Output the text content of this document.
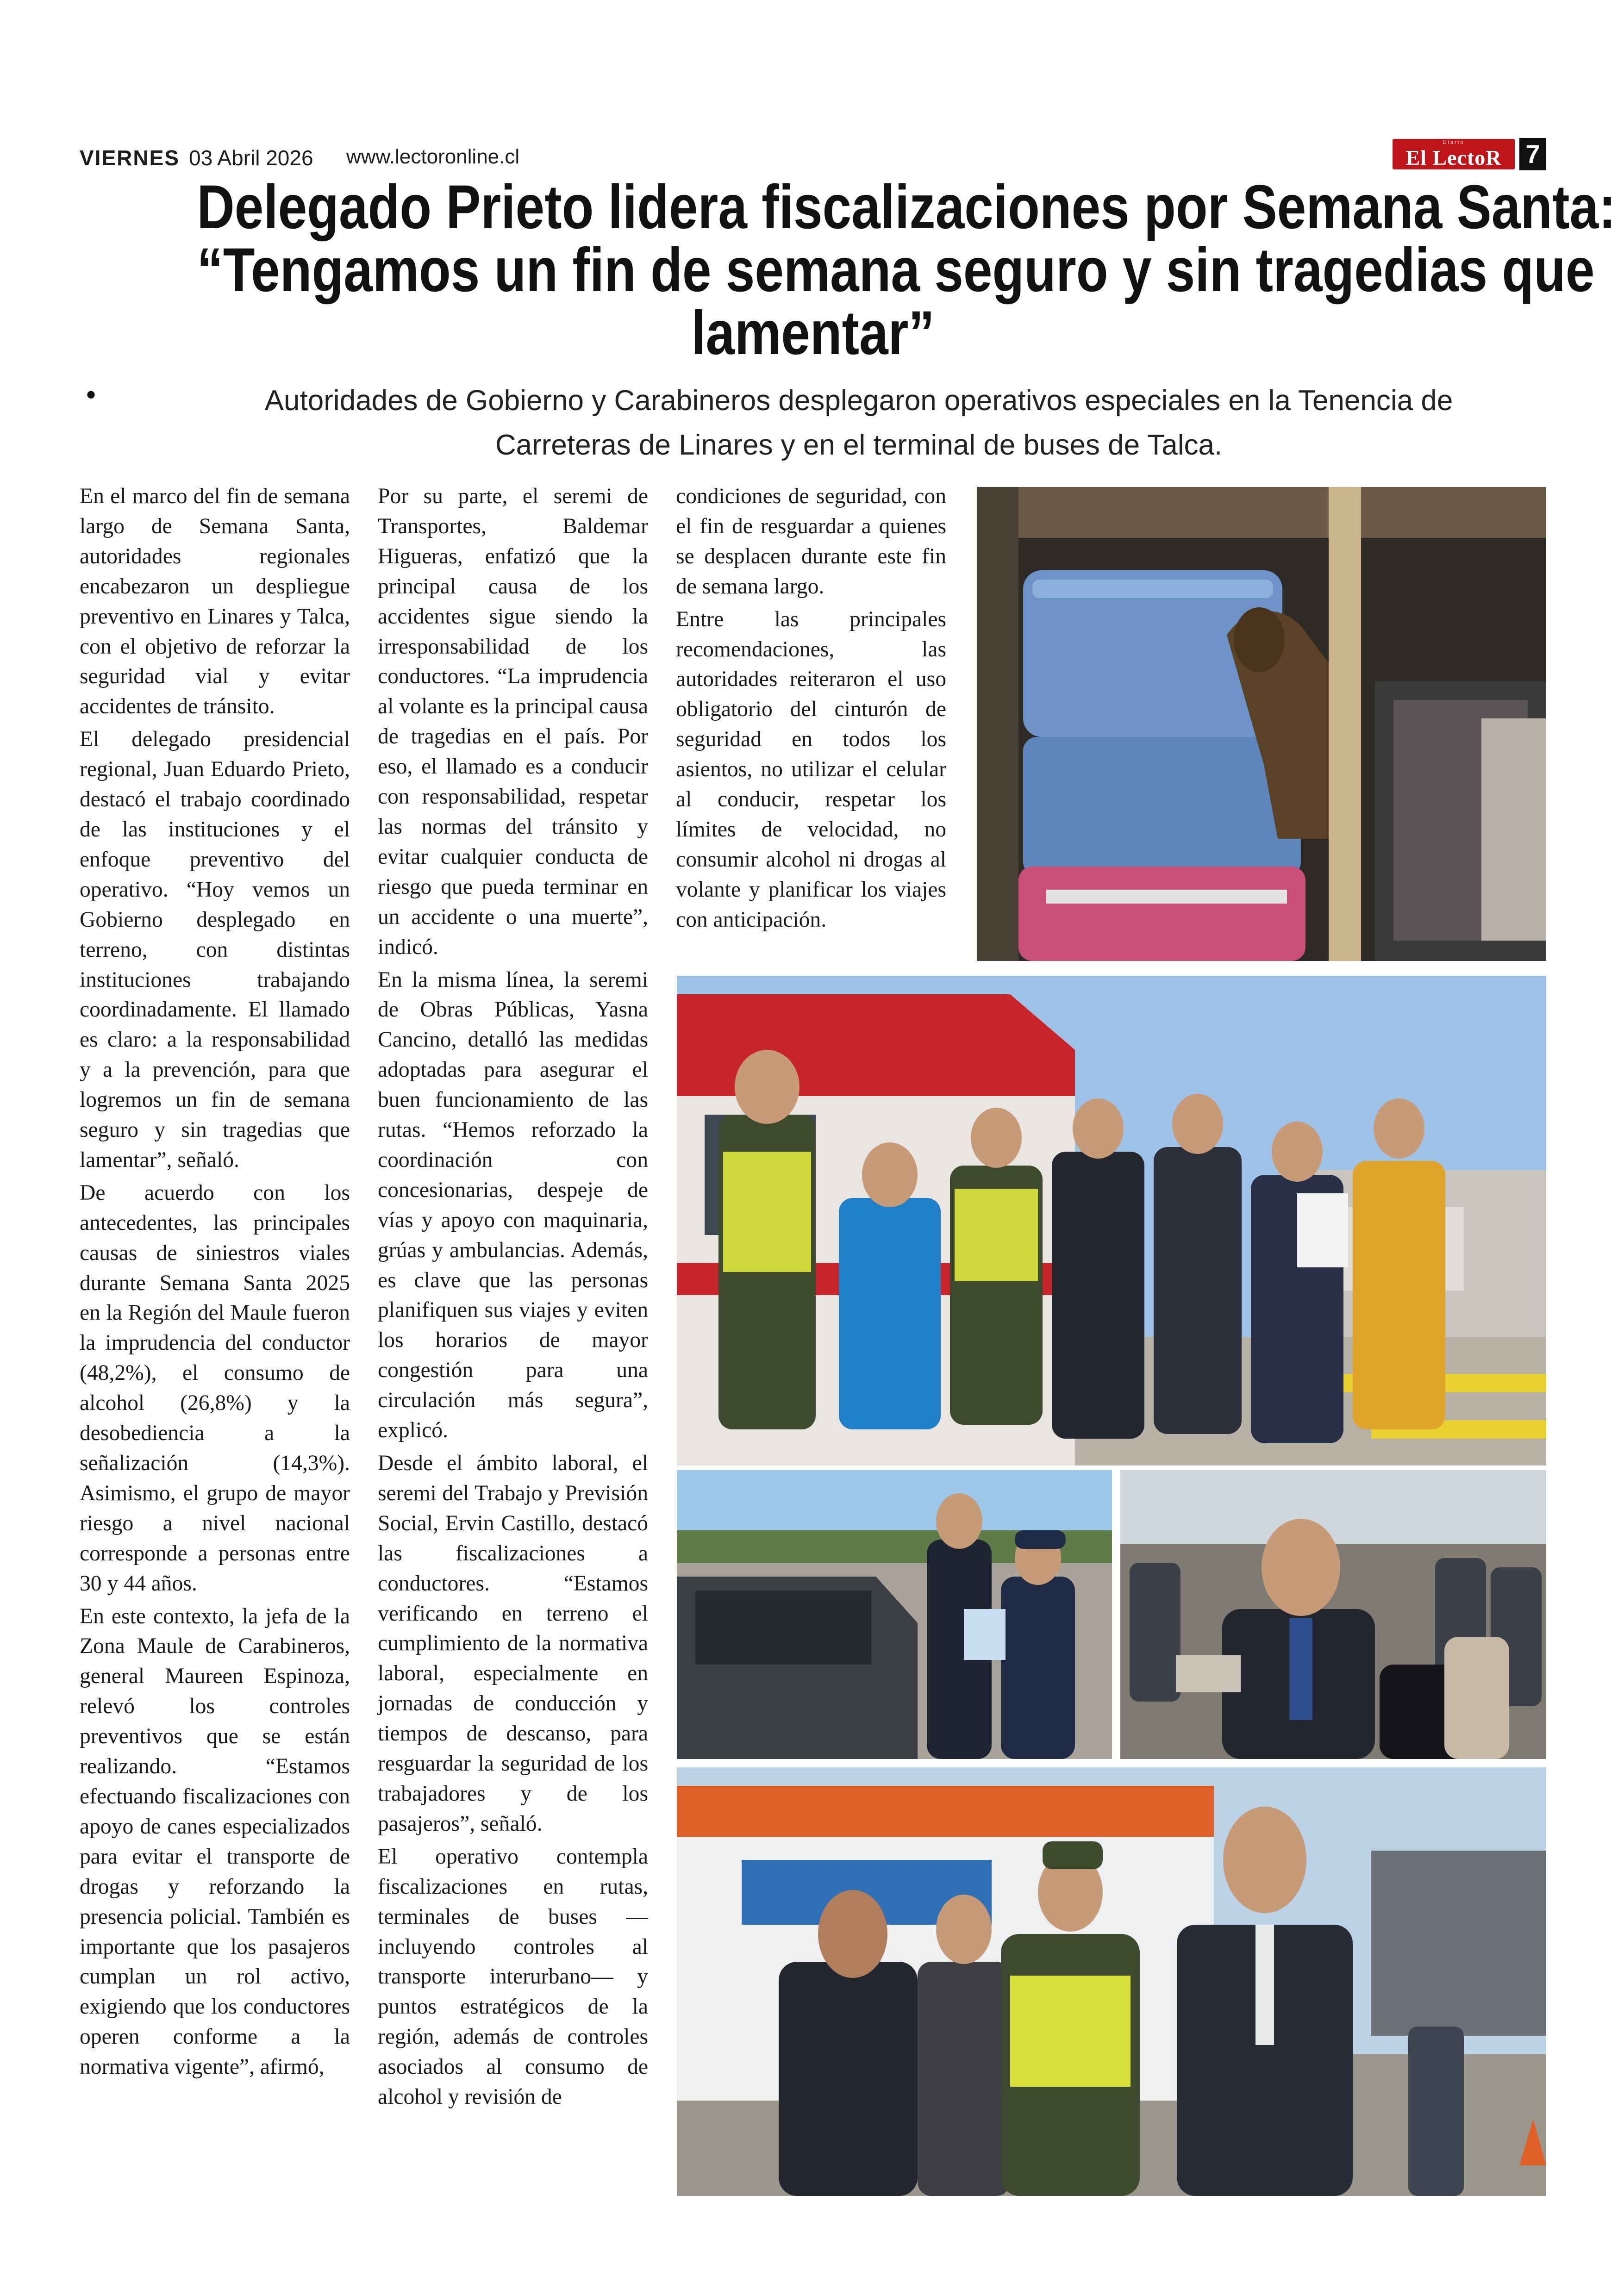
VIERNES 03 Abril 2026 www.lectoronline.cl
Diario
El LectoR 7
Delegado Prieto lidera fiscalizaciones por Semana Santa:
“Tengamos un fin de semana seguro y sin tragedias que
lamentar”
•	Autoridades de Gobierno y Carabineros desplegaron operativos especiales en la Tenencia de Carreteras de Linares y en el terminal de buses de Talca.

En el marco del fin de semana largo de Semana Santa, autoridades regionales encabezaron un despliegue preventivo en Linares y Talca, con el objetivo de reforzar la seguridad vial y evitar accidentes de tránsito.

El delegado presidencial regional, Juan Eduardo Prieto, destacó el trabajo coordinado de las instituciones y el enfoque preventivo del operativo. “Hoy vemos un Gobierno desplegado en terreno, con distintas instituciones trabajando coordinadamente. El llamado es claro: a la responsabilidad y a la prevención, para que logremos un fin de semana seguro y sin tragedias que lamentar”, señaló.

De acuerdo con los antecedentes, las principales causas de siniestros viales durante Semana Santa 2025 en la Región del Maule fueron la imprudencia del conductor (48,2%), el consumo de alcohol (26,8%) y la desobediencia a la señalización (14,3%). Asimismo, el grupo de mayor riesgo a nivel nacional corresponde a personas entre 30 y 44 años.

En este contexto, la jefa de la Zona Maule de Carabineros, general Maureen Espinoza, relevó los controles preventivos que se están realizando. “Estamos efectuando fiscalizaciones con apoyo de canes especializados para evitar el transporte de drogas y reforzando la presencia policial. También es importante que los pasajeros cumplan un rol activo, exigiendo que los conductores operen conforme a la normativa vigente”, afirmó,

Por su parte, el seremi de Transportes, Baldemar Higueras, enfatizó que la principal causa de los accidentes sigue siendo la irresponsabilidad de los conductores. “La imprudencia al volante es la principal causa de tragedias en el país. Por eso, el llamado es a conducir con responsabilidad, respetar las normas del tránsito y evitar cualquier conducta de riesgo que pueda terminar en un accidente o una muerte”, indicó.

En la misma línea, la seremi de Obras Públicas, Yasna Cancino, detalló las medidas adoptadas para asegurar el buen funcionamiento de las rutas. “Hemos reforzado la coordinación con concesionarias, despeje de vías y apoyo con maquinaria, grúas y ambulancias. Además, es clave que las personas planifiquen sus viajes y eviten los horarios de mayor congestión para una circulación más segura”, explicó.

Desde el ámbito laboral, el seremi del Trabajo y Previsión Social, Ervin Castillo, destacó las fiscalizaciones a conductores. “Estamos verificando en terreno el cumplimiento de la normativa laboral, especialmente en jornadas de conducción y tiempos de descanso, para resguardar la seguridad de los trabajadores y de los pasajeros”, señaló.

El operativo contempla fiscalizaciones en rutas, terminales de buses — incluyendo controles al transporte interurbano— y puntos estratégicos de la región, además de controles asociados al consumo de alcohol y revisión de

condiciones de seguridad, con el fin de resguardar a quienes se desplacen durante este fin de semana largo.

Entre las principales recomendaciones, las autoridades reiteraron el uso obligatorio del cinturón de seguridad en todos los asientos, no utilizar el celular al conducir, respetar los límites de velocidad, no consumir alcohol ni drogas al volante y planificar los viajes con anticipación.
